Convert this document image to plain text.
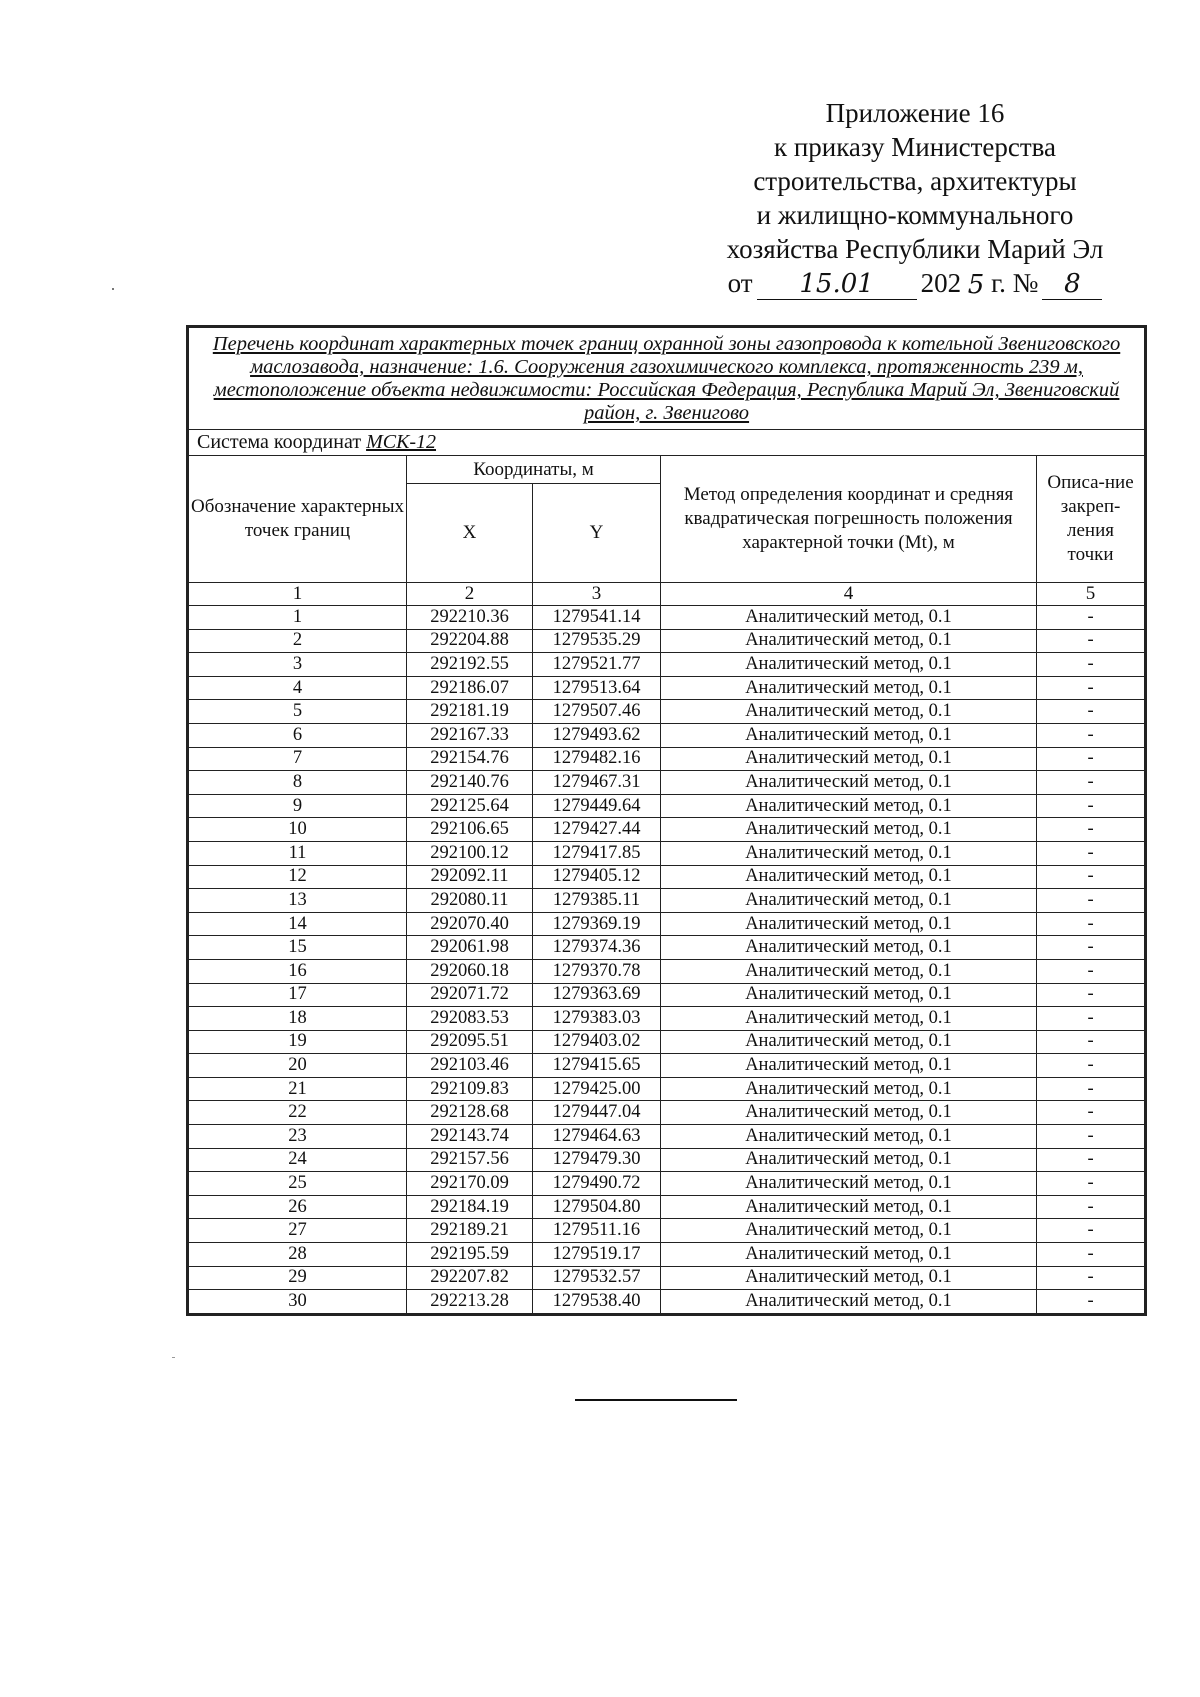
Приложение 16
к приказу Министерства
строительства, архитектуры
и жилищно-коммунального
хозяйства Республики Марий Эл
от	15.01	202 5 г. № 8
Перечень координат характерных точек границ охранной зоны газопровода к котельной Звениговского маслозавода, назначение: 1.6. Сооружения газохимического комплекса, протяженность 239 м, местоположение объекта недвижимости: Российская Федерация, Республика Марий Эл, Звениговский район, г. Звенигово				
Система координат МСК-12				
Обозначение характерных точек границ	Координаты, м		Метод определения координат и средняя квадратическая погрешность положения характерной точки (Mt), м	Описа-ние закреп-ления точки
	X	Y		
1	2	3	4	5
1	292210.36	1279541.14	Аналитический метод, 0.1	-
2	292204.88	1279535.29	Аналитический метод, 0.1	-
3	292192.55	1279521.77	Аналитический метод, 0.1	-
4	292186.07	1279513.64	Аналитический метод, 0.1	-
5	292181.19	1279507.46	Аналитический метод, 0.1	-
6	292167.33	1279493.62	Аналитический метод, 0.1	-
7	292154.76	1279482.16	Аналитический метод, 0.1	-
8	292140.76	1279467.31	Аналитический метод, 0.1	-
9	292125.64	1279449.64	Аналитический метод, 0.1	-
10	292106.65	1279427.44	Аналитический метод, 0.1	-
11	292100.12	1279417.85	Аналитический метод, 0.1	-
12	292092.11	1279405.12	Аналитический метод, 0.1	-
13	292080.11	1279385.11	Аналитический метод, 0.1	-
14	292070.40	1279369.19	Аналитический метод, 0.1	-
15	292061.98	1279374.36	Аналитический метод, 0.1	-
16	292060.18	1279370.78	Аналитический метод, 0.1	-
17	292071.72	1279363.69	Аналитический метод, 0.1	-
18	292083.53	1279383.03	Аналитический метод, 0.1	-
19	292095.51	1279403.02	Аналитический метод, 0.1	-
20	292103.46	1279415.65	Аналитический метод, 0.1	-
21	292109.83	1279425.00	Аналитический метод, 0.1	-
22	292128.68	1279447.04	Аналитический метод, 0.1	-
23	292143.74	1279464.63	Аналитический метод, 0.1	-
24	292157.56	1279479.30	Аналитический метод, 0.1	-
25	292170.09	1279490.72	Аналитический метод, 0.1	-
26	292184.19	1279504.80	Аналитический метод, 0.1	-
27	292189.21	1279511.16	Аналитический метод, 0.1	-
28	292195.59	1279519.17	Аналитический метод, 0.1	-
29	292207.82	1279532.57	Аналитический метод, 0.1	-
30	292213.28	1279538.40	Аналитический метод, 0.1	-
